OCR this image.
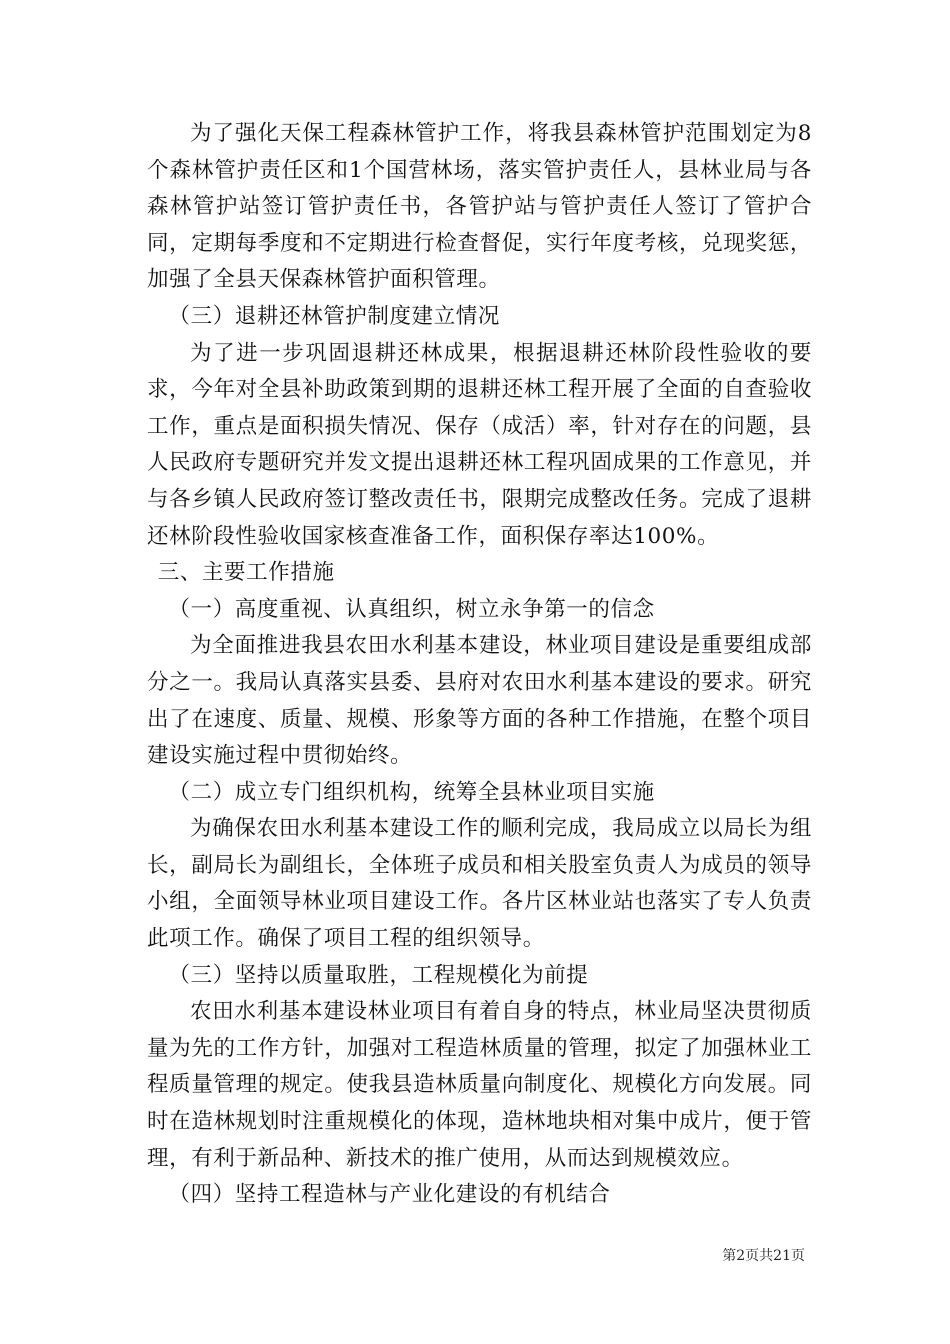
为了强化天保工程森林管护工作，将我县森林管护范围划定为8个森林管护责任区和1个国营林场，落实管护责任人，县林业局与各森林管护站签订管护责任书，各管护站与管护责任人签订了管护合同，定期每季度和不定期进行检查督促，实行年度考核，兑现奖惩，加强了全县天保森林管护面积管理。

（三）退耕还林管护制度建立情况

为了进一步巩固退耕还林成果，根据退耕还林阶段性验收的要求，今年对全县补助政策到期的退耕还林工程开展了全面的自查验收工作，重点是面积损失情况、保存（成活）率，针对存在的问题，县人民政府专题研究并发文提出退耕还林工程巩固成果的工作意见，并与各乡镇人民政府签订整改责任书，限期完成整改任务。完成了退耕还林阶段性验收国家核查准备工作，面积保存率达100%。

三、主要工作措施

（一）高度重视、认真组织，树立永争第一的信念

为全面推进我县农田水利基本建设，林业项目建设是重要组成部分之一。我局认真落实县委、县府对农田水利基本建设的要求。研究出了在速度、质量、规模、形象等方面的各种工作措施，在整个项目建设实施过程中贯彻始终。

（二）成立专门组织机构，统筹全县林业项目实施

为确保农田水利基本建设工作的顺利完成，我局成立以局长为组长，副局长为副组长，全体班子成员和相关股室负责人为成员的领导小组，全面领导林业项目建设工作。各片区林业站也落实了专人负责此项工作。确保了项目工程的组织领导。

（三）坚持以质量取胜，工程规模化为前提

农田水利基本建设林业项目有着自身的特点，林业局坚决贯彻质量为先的工作方针，加强对工程造林质量的管理，拟定了加强林业工程质量管理的规定。使我县造林质量向制度化、规模化方向发展。同时在造林规划时注重规模化的体现，造林地块相对集中成片，便于管理，有利于新品种、新技术的推广使用，从而达到规模效应。

（四）坚持工程造林与产业化建设的有机结合

第2页共21页
